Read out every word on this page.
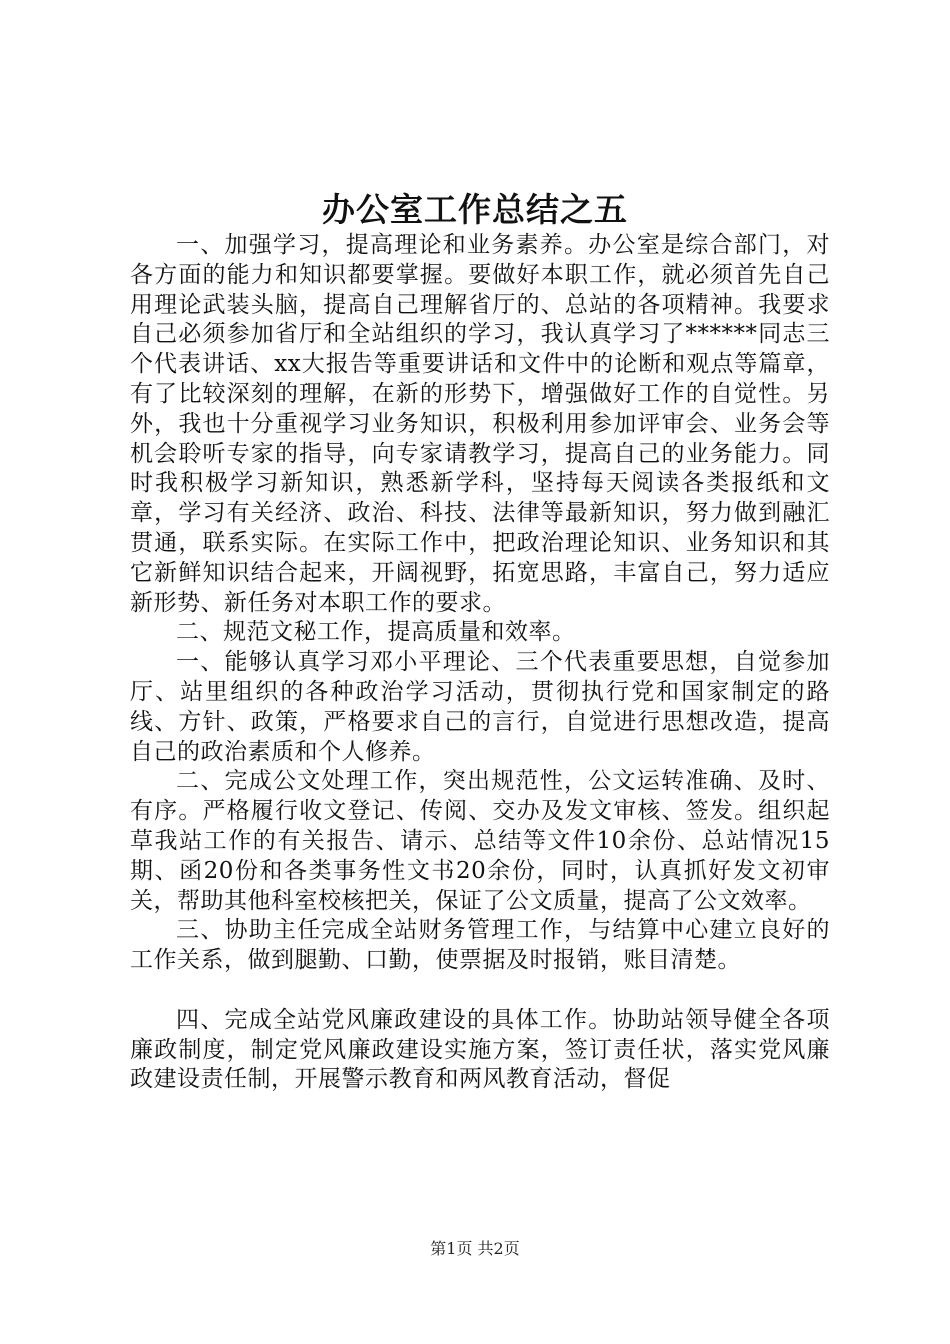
办公室工作总结之五

一、加强学习，提高理论和业务素养。办公室是综合部门，对各方面的能力和知识都要掌握。要做好本职工作，就必须首先自己用理论武装头脑，提高自己理解省厅的、总站的各项精神。我要求自己必须参加省厅和全站组织的学习，我认真学习了******同志三个代表讲话、xx大报告等重要讲话和文件中的论断和观点等篇章，有了比较深刻的理解，在新的形势下，增强做好工作的自觉性。另外，我也十分重视学习业务知识，积极利用参加评审会、业务会等机会聆听专家的指导，向专家请教学习，提高自己的业务能力。同时我积极学习新知识，熟悉新学科，坚持每天阅读各类报纸和文章，学习有关经济、政治、科技、法律等最新知识，努力做到融汇贯通，联系实际。在实际工作中，把政治理论知识、业务知识和其它新鲜知识结合起来，开阔视野，拓宽思路，丰富自己，努力适应新形势、新任务对本职工作的要求。

二、规范文秘工作，提高质量和效率。

一、能够认真学习邓小平理论、三个代表重要思想，自觉参加厅、站里组织的各种政治学习活动，贯彻执行党和国家制定的路线、方针、政策，严格要求自己的言行，自觉进行思想改造，提高自己的政治素质和个人修养。

二、完成公文处理工作，突出规范性，公文运转准确、及时、有序。严格履行收文登记、传阅、交办及发文审核、签发。组织起草我站工作的有关报告、请示、总结等文件10余份、总站情况15期、函20份和各类事务性文书20余份，同时，认真抓好发文初审关，帮助其他科室校核把关，保证了公文质量，提高了公文效率。

三、协助主任完成全站财务管理工作，与结算中心建立良好的工作关系，做到腿勤、口勤，使票据及时报销，账目清楚。

四、完成全站党风廉政建设的具体工作。协助站领导健全各项廉政制度，制定党风廉政建设实施方案，签订责任状，落实党风廉政建设责任制，开展警示教育和两风教育活动，督促

第1页 共2页
